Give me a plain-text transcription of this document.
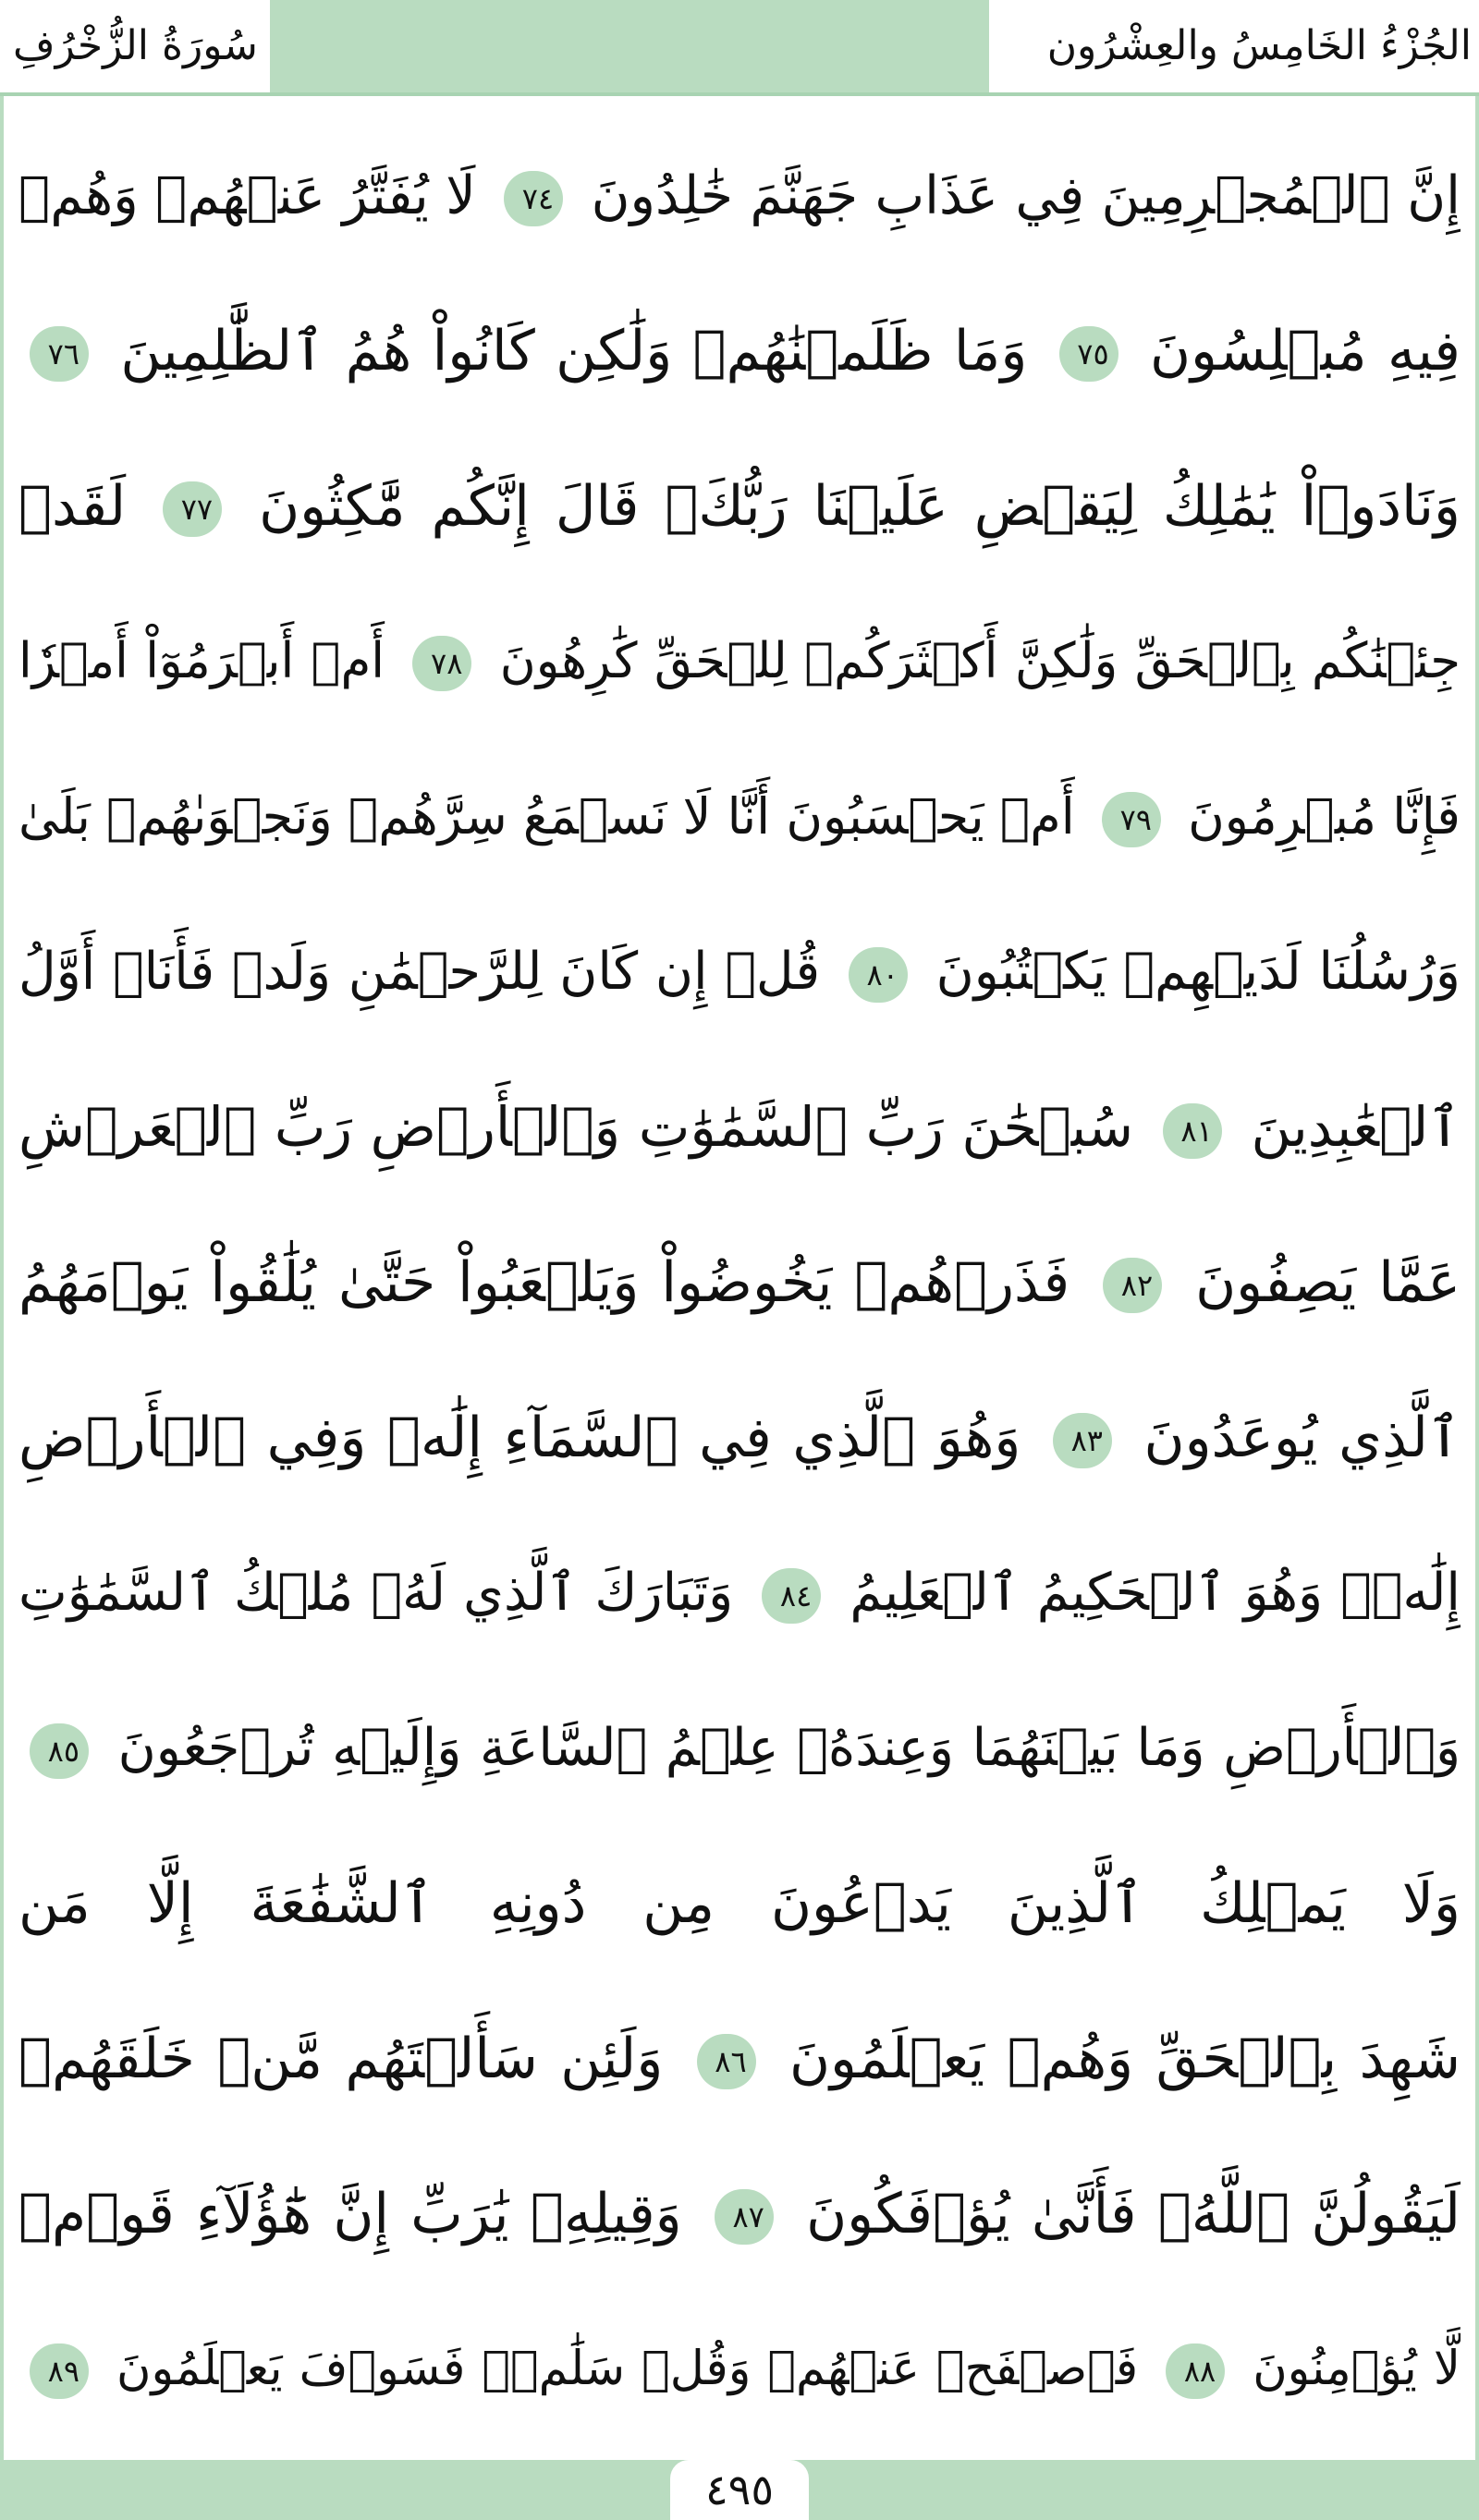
الجُزْءُ الخَامِسُ والعِشْرُون
سُورَةُ الزُّخْرُفِ
إِنَّ ٱلۡمُجۡرِمِينَ فِي عَذَابِ جَهَنَّمَ خَٰلِدُونَ ٧٤ لَا يُفَتَّرُ عَنۡهُمۡ وَهُمۡ
فِيهِ مُبۡلِسُونَ ٧٥ وَمَا ظَلَمۡنَٰهُمۡ وَلَٰكِن كَانُواْ هُمُ ٱلظَّٰلِمِينَ ٧٦
وَنَادَوۡاْ يَٰمَٰلِكُ لِيَقۡضِ عَلَيۡنَا رَبُّكَۖ قَالَ إِنَّكُم مَّٰكِثُونَ ٧٧ لَقَدۡ
جِئۡنَٰكُم بِٱلۡحَقِّ وَلَٰكِنَّ أَكۡثَرَكُمۡ لِلۡحَقِّ كَٰرِهُونَ ٧٨ أَمۡ أَبۡرَمُوٓاْ أَمۡرٗا
فَإِنَّا مُبۡرِمُونَ ٧٩ أَمۡ يَحۡسَبُونَ أَنَّا لَا نَسۡمَعُ سِرَّهُمۡ وَنَجۡوَىٰهُمۚ بَلَىٰ
وَرُسُلُنَا لَدَيۡهِمۡ يَكۡتُبُونَ ٨٠ قُلۡ إِن كَانَ لِلرَّحۡمَٰنِ وَلَدٞ فَأَنَا۠ أَوَّلُ
ٱلۡعَٰبِدِينَ ٨١ سُبۡحَٰنَ رَبِّ ٱلسَّمَٰوَٰتِ وَٱلۡأَرۡضِ رَبِّ ٱلۡعَرۡشِ
عَمَّا يَصِفُونَ ٨٢ فَذَرۡهُمۡ يَخُوضُواْ وَيَلۡعَبُواْ حَتَّىٰ يُلَٰقُواْ يَوۡمَهُمُ
ٱلَّذِي يُوعَدُونَ ٨٣ وَهُوَ ٱلَّذِي فِي ٱلسَّمَآءِ إِلَٰهٞ وَفِي ٱلۡأَرۡضِ
إِلَٰهٞۚ وَهُوَ ٱلۡحَكِيمُ ٱلۡعَلِيمُ ٨٤ وَتَبَارَكَ ٱلَّذِي لَهُۥ مُلۡكُ ٱلسَّمَٰوَٰتِ
وَٱلۡأَرۡضِ وَمَا بَيۡنَهُمَا وَعِندَهُۥ عِلۡمُ ٱلسَّاعَةِ وَإِلَيۡهِ تُرۡجَعُونَ ٨٥
وَلَا يَمۡلِكُ ٱلَّذِينَ يَدۡعُونَ مِن دُونِهِ ٱلشَّفَٰعَةَ إِلَّا مَن
شَهِدَ بِٱلۡحَقِّ وَهُمۡ يَعۡلَمُونَ ٨٦ وَلَئِن سَأَلۡتَهُم مَّنۡ خَلَقَهُمۡ
لَيَقُولُنَّ ٱللَّهُۖ فَأَنَّىٰ يُؤۡفَكُونَ ٨٧ وَقِيلِهِۦ يَٰرَبِّ إِنَّ هَٰٓؤُلَآءِ قَوۡمٞ
لَّا يُؤۡمِنُونَ ٨٨ فَٱصۡفَحۡ عَنۡهُمۡ وَقُلۡ سَلَٰمٞۚ فَسَوۡفَ يَعۡلَمُونَ ٨٩
٤٩٥
